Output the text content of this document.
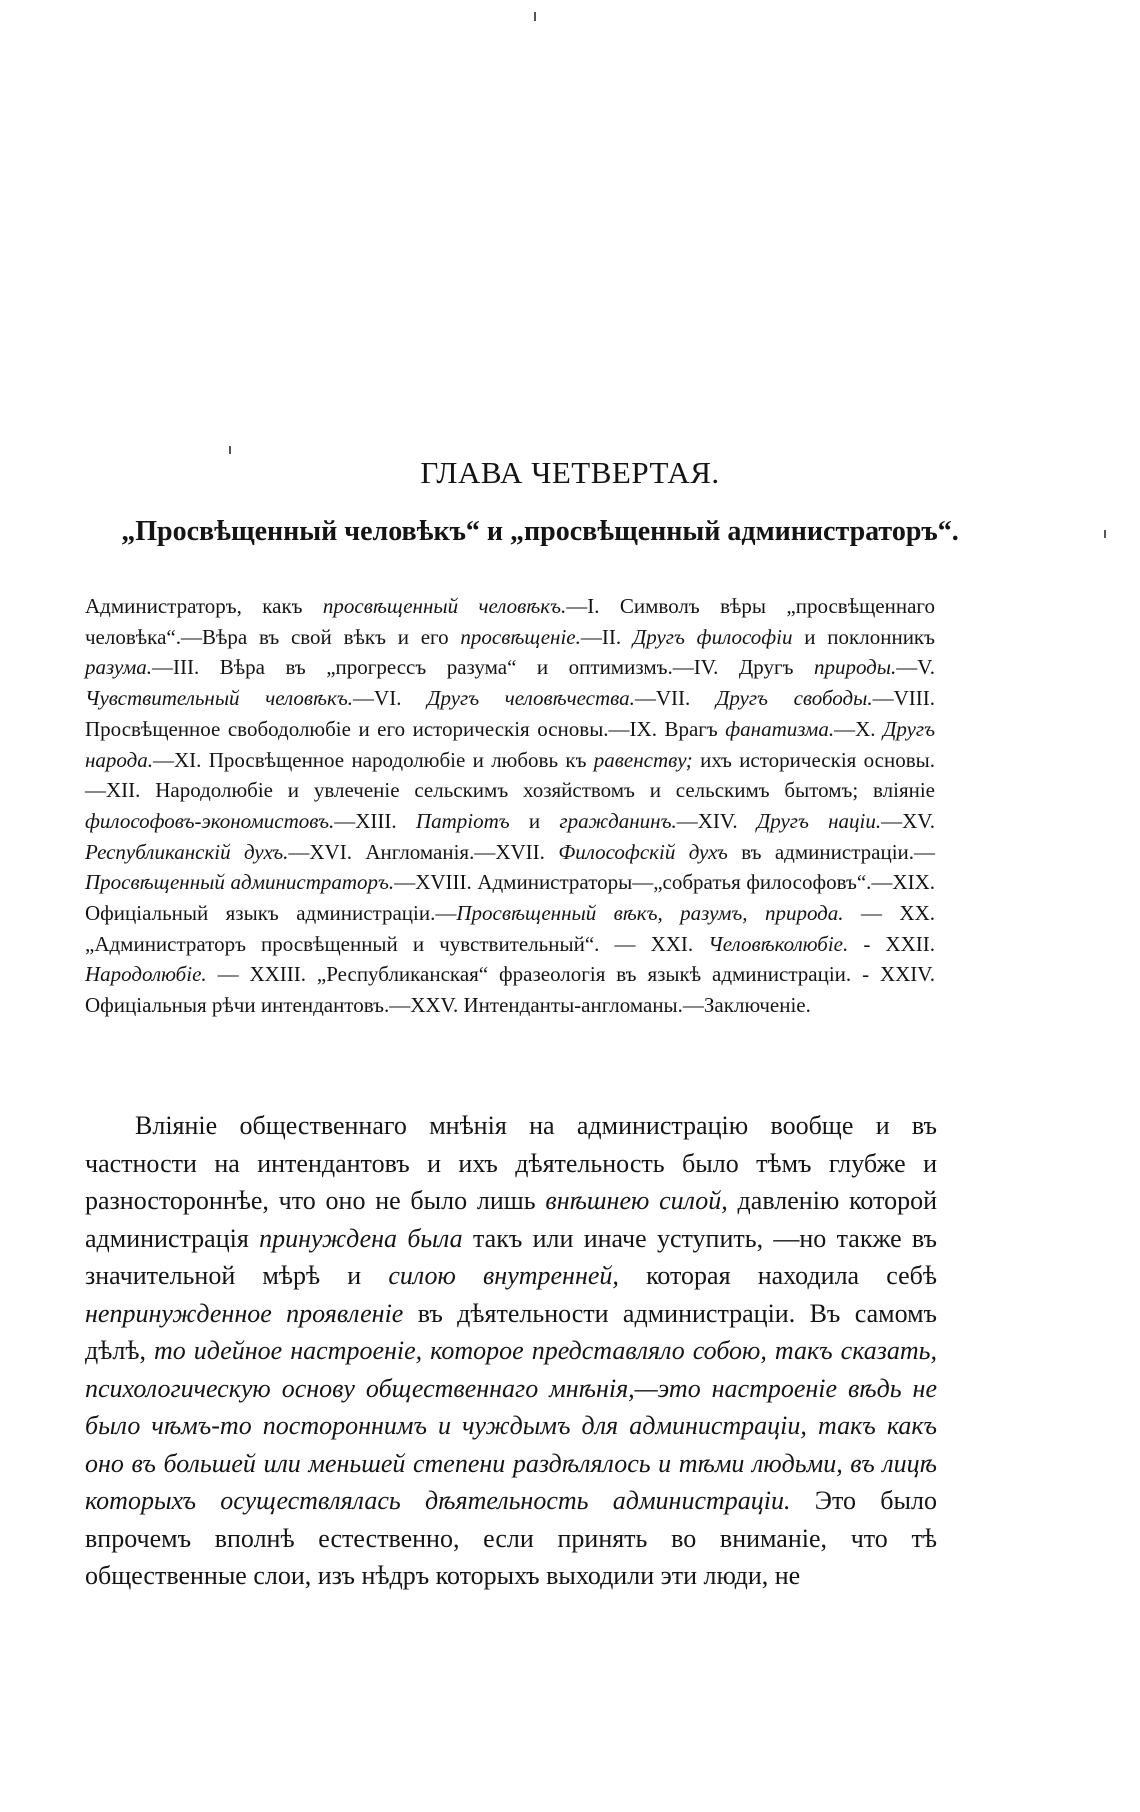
ГЛАВА ЧЕТВЕРТАЯ.
„Просвѣщенный человѣкъ“ и „просвѣщенный администраторъ“.
Администраторъ, какъ просвѣщенный человѣкъ.—I. Символъ вѣры „просвѣщеннаго человѣка“.—Вѣра въ свой вѣкъ и его просвѣщеніе.—II. Другъ философіи и поклонникъ разума.—III. Вѣра въ „прогрессъ разума“ и оптимизмъ.—IV. Другъ природы.—V. Чувствительный человѣкъ.—VI. Другъ человѣчества.—VII. Другъ свободы.—VIII. Просвѣщенное свободолюбіе и его историческія основы.—IX. Врагъ фанатизма.—X. Другъ народа.—XI. Просвѣщенное народолюбіе и любовь къ равенству; ихъ историческія основы.—XII. Народолюбіе и увлеченіе сельскимъ хозяйствомъ и сельскимъ бытомъ; вліяніе философовъ-экономистовъ.—XIII. Патріотъ и гражданинъ.—XIV. Другъ націи.—XV. Республиканскій духъ.—XVI. Англоманія.—XVII. Философскій духъ въ администраціи.—Просвѣщенный администраторъ.—XVIII. Администраторы—„собратья философовъ“.—XIX. Офиціальный языкъ администраціи.—Просвѣщенный вѣкъ, разумъ, природа. — XX. „Администраторъ просвѣщенный и чувствительный“. — XXI. Человѣколюбіе. - XXII. Народолюбіе. — XXIII. „Республиканская“ фразеологія въ языкѣ администраціи. - XXIV. Офиціальныя рѣчи интендантовъ.—XXV. Интенданты-англоманы.—Заключеніе.
Вліяніе общественнаго мнѣнія на администрацію вообще и въ частности на интендантовъ и ихъ дѣятельность было тѣмъ глубже и разностороннѣе, что оно не было лишь внѣшнею силой, давленію которой администрація принуждена была такъ или иначе уступить, —но также въ значительной мѣрѣ и силою внутренней, которая находила себѣ непринужденное проявленіе въ дѣятельности администраціи. Въ самомъ дѣлѣ, то идейное настроеніе, которое представляло собою, такъ сказать, психологическую основу общественнаго мнѣнія,—это настроеніе вѣдь не было чѣмъ-то постороннимъ и чуждымъ для администраціи, такъ какъ оно въ большей или меньшей степени раздѣлялось и тѣми людьми, въ лицѣ которыхъ осуществлялась дѣятельность администраціи. Это было впрочемъ вполнѣ естественно, если принять во вниманіе, что тѣ общественные слои, изъ нѣдръ которыхъ выходили эти люди, не
